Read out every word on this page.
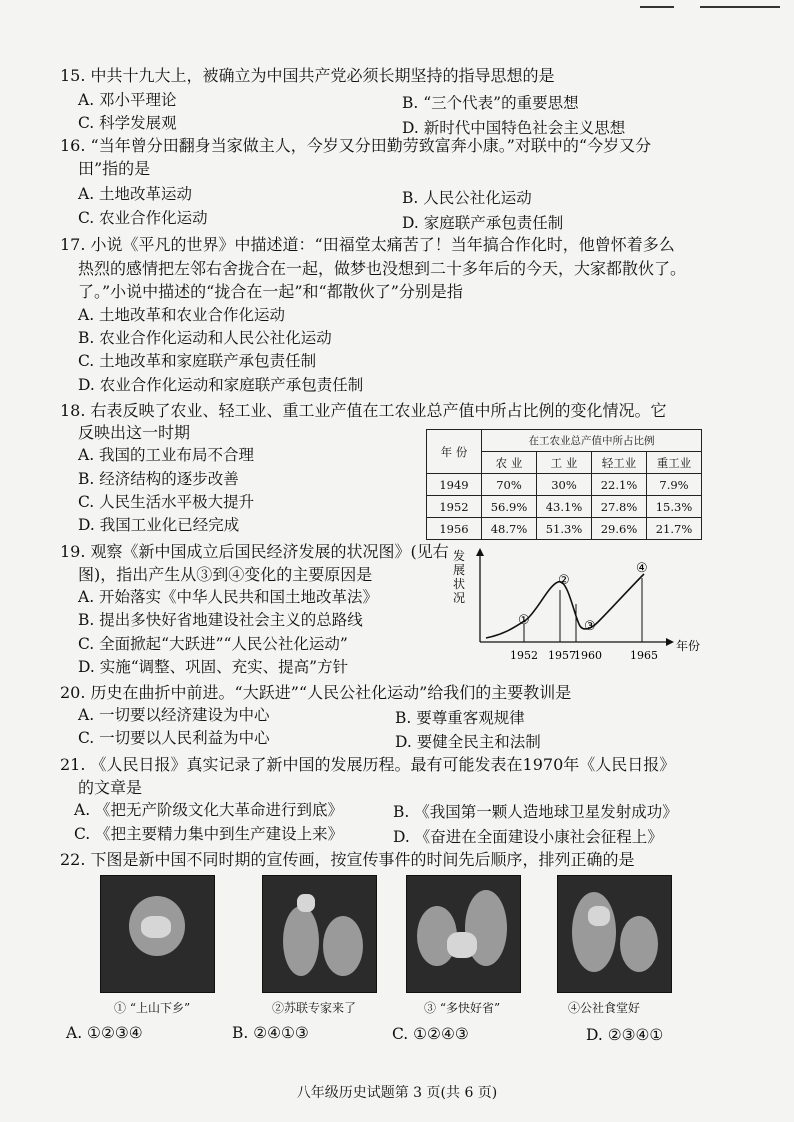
15. 中共十九大上，被确立为中国共产党必须长期坚持的指导思想的是
A. 邓小平理论	B. “三个代表”的重要思想
C. 科学发展观	D. 新时代中国特色社会主义思想
16. “当年曾分田翻身当家做主人，今岁又分田勤劳致富奔小康。”对联中的“今岁又分
田”指的是
A. 土地改革运动	B. 人民公社化运动
C. 农业合作化运动	D. 家庭联产承包责任制
17. 小说《平凡的世界》中描述道：“田福堂太痛苦了！当年搞合作化时，他曾怀着多么
热烈的感情把左邻右舍拢合在一起，做梦也没想到二十多年后的今天，大家都散伙了。
了。”小说中描述的“拢合在一起”和“都散伙了”分别是指
A. 土地改革和农业合作化运动
B. 农业合作化运动和人民公社化运动
C. 土地改革和家庭联产承包责任制
D. 农业合作化运动和家庭联产承包责任制
18. 右表反映了农业、轻工业、重工业产值在工农业总产值中所占比例的变化情况。它
反映出这一时期
A. 我国的工业布局不合理
B. 经济结构的逐步改善
C. 人民生活水平极大提升
D. 我国工业化已经完成
年 份	在工农业总产值中所占比例			
	农 业	工 业	轻工业	重工业
1949	70%	30%	22.1%	7.9%
1952	56.9%	43.1%	27.8%	15.3%
1956	48.7%	51.3%	29.6%	21.7%
19. 观察《新中国成立后国民经济发展的状况图》(见右
图)，指出产生从③到④变化的主要原因是
A. 开始落实《中华人民共和国土地改革法》
B. 提出多快好省地建设社会主义的总路线
C. 全面掀起“大跃进”“人民公社化运动”
D. 实施“调整、巩固、充实、提高”方针
发
展
状
况
①
②
③
④
1952 1957
1960	1965
年份
20. 历史在曲折中前进。“大跃进”“人民公社化运动”给我们的主要教训是
A. 一切要以经济建设为中心	B. 要尊重客观规律
C. 一切要以人民利益为中心	D. 要健全民主和法制
21. 《人民日报》真实记录了新中国的发展历程。最有可能发表在1970年《人民日报》
的文章是
A. 《把无产阶级文化大革命进行到底》	B. 《我国第一颗人造地球卫星发射成功》
C. 《把主要精力集中到生产建设上来》	D. 《奋进在全面建设小康社会征程上》
22. 下图是新中国不同时期的宣传画，按宣传事件的时间先后顺序，排列正确的是
① “上山下乡”	②苏联专家来了	③ “多快好省”	④公社食堂好
A. ①②③④	B. ②④①③	C. ①②④③	D. ②③④①
八年级历史试题第 3 页(共 6 页)
